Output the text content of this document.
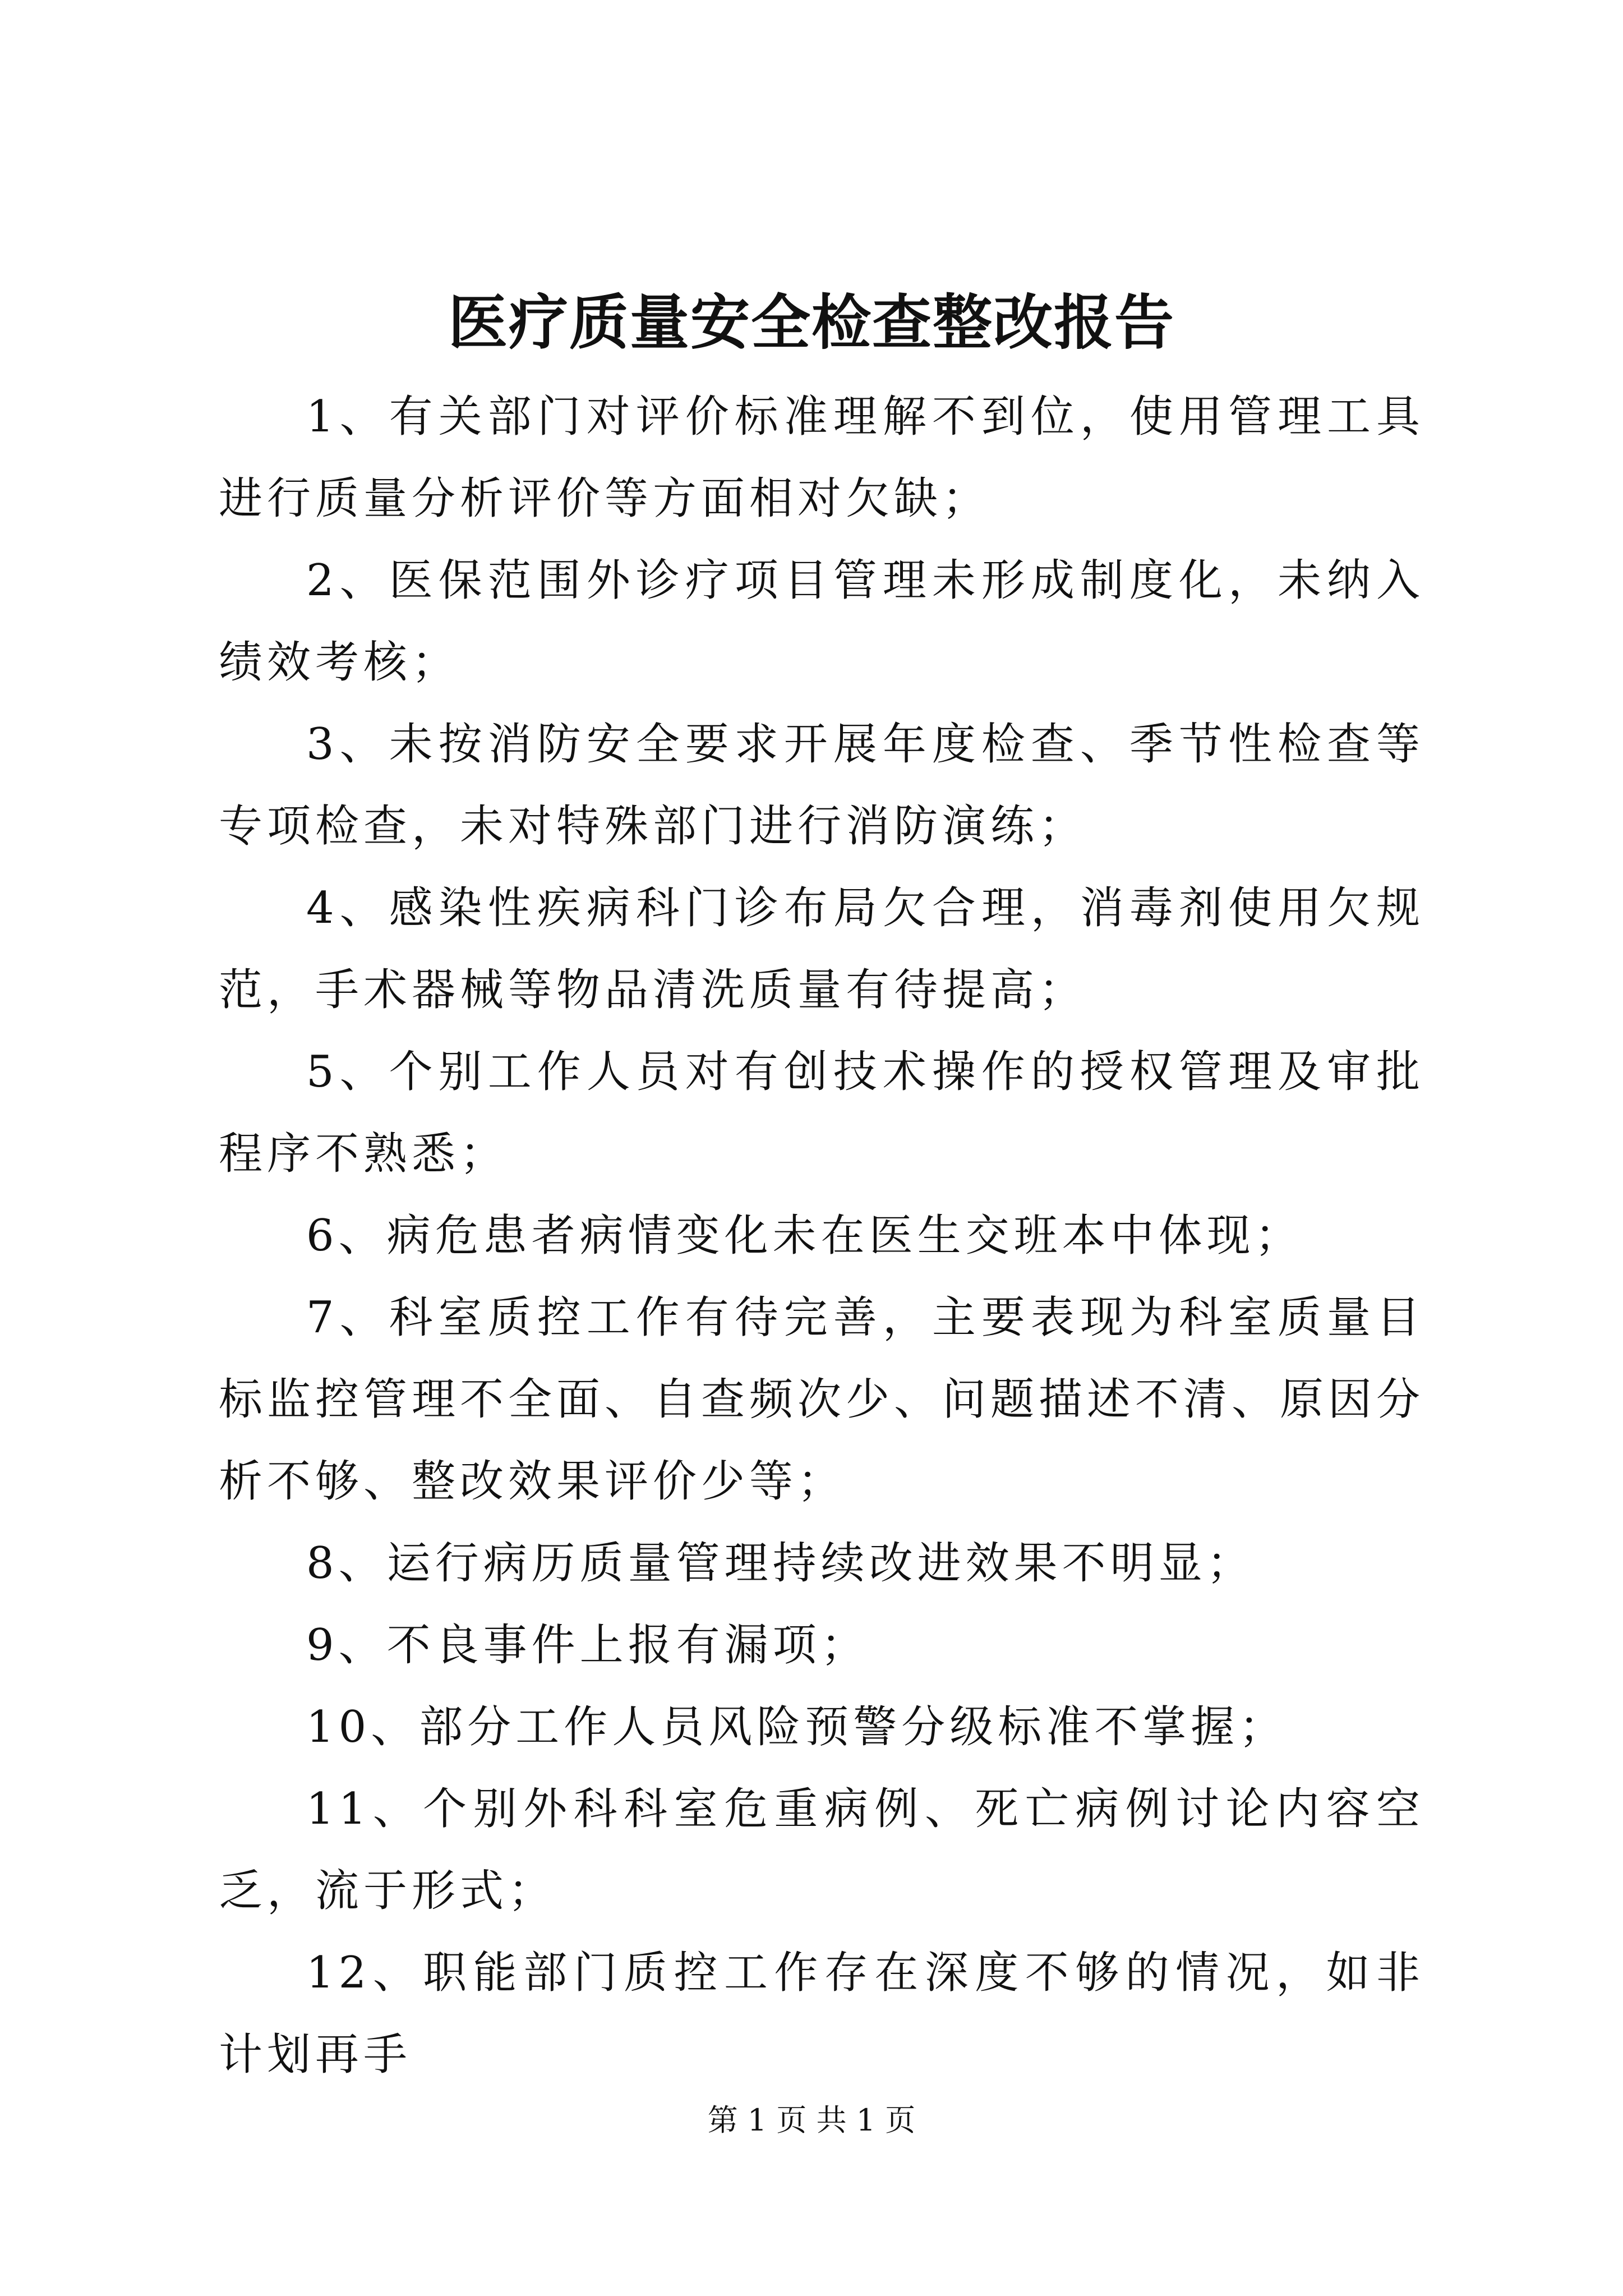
医疗质量安全检查整改报告

1、有关部门对评价标准理解不到位，使用管理工具进行质量分析评价等方面相对欠缺；

2、医保范围外诊疗项目管理未形成制度化，未纳入绩效考核；

3、未按消防安全要求开展年度检查、季节性检查等专项检查，未对特殊部门进行消防演练；

4、感染性疾病科门诊布局欠合理，消毒剂使用欠规范，手术器械等物品清洗质量有待提高；

5、个别工作人员对有创技术操作的授权管理及审批程序不熟悉；

6、病危患者病情变化未在医生交班本中体现；

7、科室质控工作有待完善，主要表现为科室质量目标监控管理不全面、自查频次少、问题描述不清、原因分析不够、整改效果评价少等；

8、运行病历质量管理持续改进效果不明显；

9、不良事件上报有漏项；

10、部分工作人员风险预警分级标准不掌握；

11、个别外科科室危重病例、死亡病例讨论内容空乏，流于形式；

12、职能部门质控工作存在深度不够的情况，如非计划再手

第 1 页 共 1 页
